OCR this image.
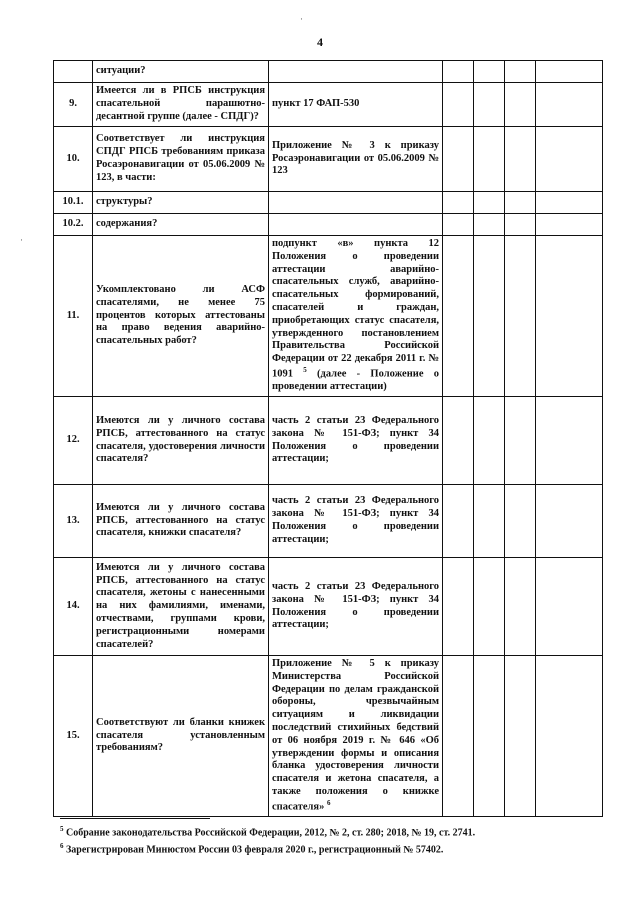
4
·
·
	ситуации?					
9.	Имеется ли в РПСБ инструкция спасательной парашютно-десантной группе (далее - СПДГ)?	пункт 17 ФАП-530				
10.	Соответствует ли инструкция СПДГ РПСБ требованиям приказа Росаэронавигации от 05.06.2009 № 123, в части:	Приложение № 3 к приказу Росаэронавигации от 05.06.2009 № 123				
10.1.	структуры?					
10.2.	содержания?					
11.	Укомплектовано ли АСФ спасателями, не менее 75 процентов которых аттестованы на право ведения аварийно-спасательных работ?	подпункт «в» пункта 12 Положения о проведении аттестации аварийно-спасательных служб, аварийно-спасательных формирований, спасателей и граждан, приобретающих статус спасателя, утвержденного постановлением Правительства Российской Федерации от 22 декабря 2011 г. № 1091 $^5$ (далее - Положение о проведении аттестации)				
12.	Имеются ли у личного состава РПСБ, аттестованного на статус спасателя, удостоверения личности спасателя?	часть 2 статьи 23 Федерального закона № 151-ФЗ; пункт 34 Положения о проведении аттестации;				
13.	Имеются ли у личного состава РПСБ, аттестованного на статус спасателя, книжки спасателя?	часть 2 статьи 23 Федерального закона № 151-ФЗ; пункт 34 Положения о проведении аттестации;				
14.	Имеются ли у личного состава РПСБ, аттестованного на статус спасателя, жетоны с нанесенными на них фамилиями, именами, отчествами, группами крови, регистрационными номерами спасателей?	часть 2 статьи 23 Федерального закона № 151-ФЗ; пункт 34 Положения о проведении аттестации;				
15.	Соответствуют ли бланки книжек спасателя установленным требованиям?	Приложение № 5 к приказу Министерства Российской Федерации по делам гражданской обороны, чрезвычайным ситуациям и ликвидации последствий стихийных бедствий от 06 ноября 2019 г. № 646 «Об утверждении формы и описания бланка удостоверения личности спасателя и жетона спасателя, а также положения о книжке спасателя» $^6$				
$^5$ Собрание законодательства Российской Федерации, 2012, № 2, ст. 280; 2018, № 19, ст. 2741.
$^6$ Зарегистрирован Минюстом России 03 февраля 2020 г., регистрационный № 57402.
